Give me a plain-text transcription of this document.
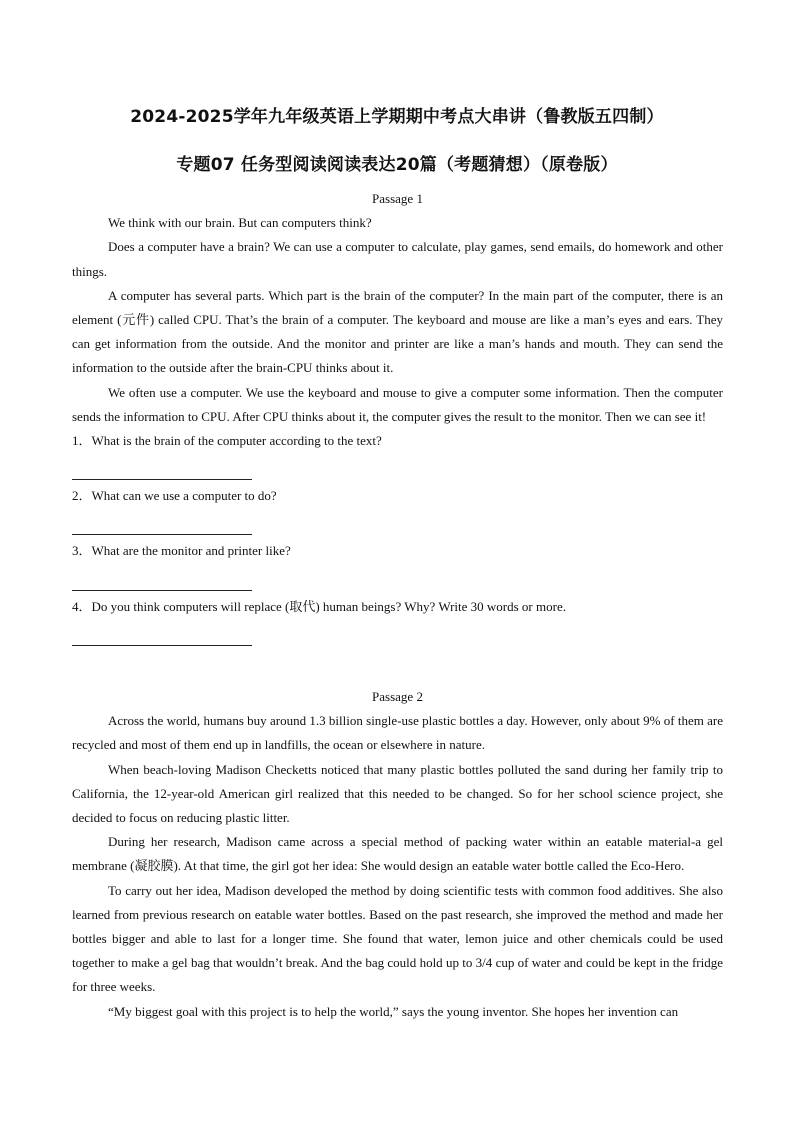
2024-2025学年九年级英语上学期期中考点大串讲（鲁教版五四制）
专题07 任务型阅读阅读表达20篇（考题猜想）（原卷版）

Passage 1

We think with our brain. But can computers think?

Does a computer have a brain? We can use a computer to calculate, play games, send emails, do homework and other things.

A computer has several parts. Which part is the brain of the computer? In the main part of the computer, there is an element (元件) called CPU. That’s the brain of a computer. The keyboard and mouse are like a man’s eyes and ears. They can get information from the outside. And the monitor and printer are like a man’s hands and mouth. They can send the information to the outside after the brain-CPU thinks about it.

We often use a computer. We use the keyboard and mouse to give a computer some information. Then the computer sends the information to CPU. After CPU thinks about it, the computer gives the result to the monitor. Then we can see it!

1．What is the brain of the computer according to the text?

2．What can we use a computer to do?

3．What are the monitor and printer like?

4．Do you think computers will replace (取代) human beings? Why? Write 30 words or more.

Passage 2

Across the world, humans buy around 1.3 billion single-use plastic bottles a day. However, only about 9% of them are recycled and most of them end up in landfills, the ocean or elsewhere in nature.

When beach-loving Madison Checketts noticed that many plastic bottles polluted the sand during her family trip to California, the 12-year-old American girl realized that this needed to be changed. So for her school science project, she decided to focus on reducing plastic litter.

During her research, Madison came across a special method of packing water within an eatable material-a gel membrane (凝胶膜). At that time, the girl got her idea: She would design an eatable water bottle called the Eco-Hero.

To carry out her idea, Madison developed the method by doing scientific tests with common food additives. She also learned from previous research on eatable water bottles. Based on the past research, she improved the method and made her bottles bigger and able to last for a longer time. She found that water, lemon juice and other chemicals could be used together to make a gel bag that wouldn’t break. And the bag could hold up to 3/4 cup of water and could be kept in the fridge for three weeks.

“My biggest goal with this project is to help the world,” says the young inventor. She hopes her invention can
